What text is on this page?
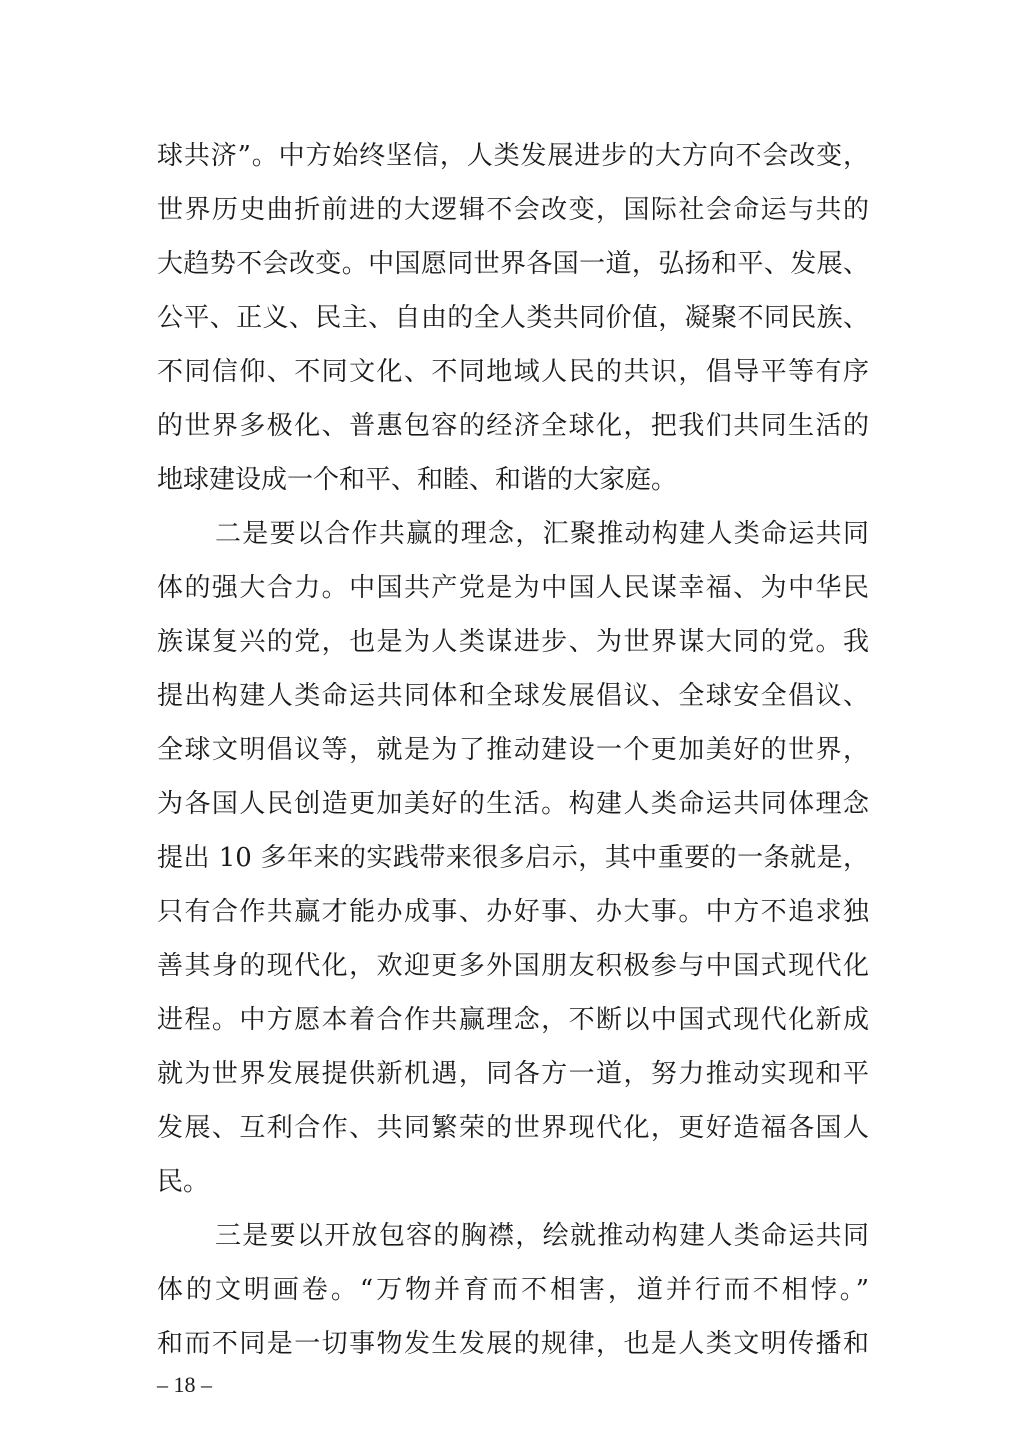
球共济”。中方始终坚信，人类发展进步的大方向不会改变，
世界历史曲折前进的大逻辑不会改变，国际社会命运与共的
大趋势不会改变。中国愿同世界各国一道，弘扬和平、发展、
公平、正义、民主、自由的全人类共同价值，凝聚不同民族、
不同信仰、不同文化、不同地域人民的共识，倡导平等有序
的世界多极化、普惠包容的经济全球化，把我们共同生活的
地球建设成一个和平、和睦、和谐的大家庭。
二是要以合作共赢的理念，汇聚推动构建人类命运共同
体的强大合力。中国共产党是为中国人民谋幸福、为中华民
族谋复兴的党，也是为人类谋进步、为世界谋大同的党。我
提出构建人类命运共同体和全球发展倡议、全球安全倡议、
全球文明倡议等，就是为了推动建设一个更加美好的世界，
为各国人民创造更加美好的生活。构建人类命运共同体理念
提出 10 多年来的实践带来很多启示，其中重要的一条就是，
只有合作共赢才能办成事、办好事、办大事。中方不追求独
善其身的现代化，欢迎更多外国朋友积极参与中国式现代化
进程。中方愿本着合作共赢理念，不断以中国式现代化新成
就为世界发展提供新机遇，同各方一道，努力推动实现和平
发展、互利合作、共同繁荣的世界现代化，更好造福各国人
民。
三是要以开放包容的胸襟，绘就推动构建人类命运共同
体的文明画卷。“万物并育而不相害，道并行而不相悖。”
和而不同是一切事物发生发展的规律，也是人类文明传播和
– 18 –
